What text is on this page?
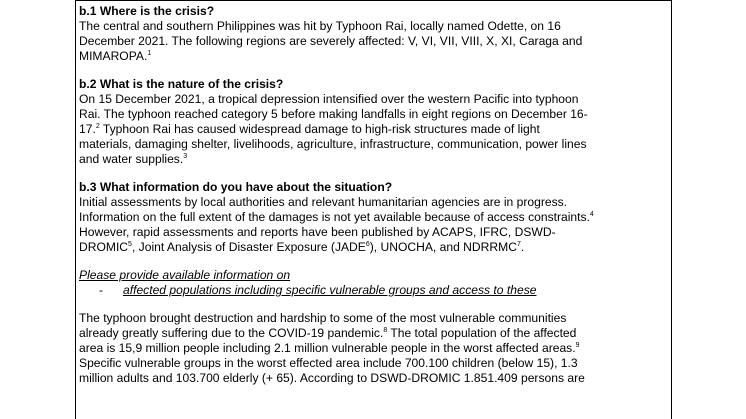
b.1 Where is the crisis?

The central and southern Philippines was hit by Typhoon Rai, locally named Odette, on 16
December 2021. The following regions are severely affected: V, VI, VII, VIII, X, XI, Caraga and
MIMAROPA.$^1$

b.2 What is the nature of the crisis?

On 15 December 2021, a tropical depression intensified over the western Pacific into typhoon
Rai. The typhoon reached category 5 before making landfalls in eight regions on December 16-
17.$^2$ Typhoon Rai has caused widespread damage to high-risk structures made of light
materials, damaging shelter, livelihoods, agriculture, infrastructure, communication, power lines
and water supplies.$^3$

b.3 What information do you have about the situation?

Initial assessments by local authorities and relevant humanitarian agencies are in progress.
Information on the full extent of the damages is not yet available because of access constraints.$^4$
However, rapid assessments and reports have been published by ACAPS, IFRC, DSWD-
DROMIC$^5$, Joint Analysis of Disaster Exposure (JADE$^6$), UNOCHA, and NDRRMC$^7$.
Please provide available information on
- affected populations including specific vulnerable groups and access to these
The typhoon brought destruction and hardship to some of the most vulnerable communities
already greatly suffering due to the COVID-19 pandemic.$^8$ The total population of the affected
area is 15,9 million people including 2.1 million vulnerable people in the worst affected areas.$^9$
Specific vulnerable groups in the worst effected area include 700.100 children (below 15), 1.3
million adults and 103.700 elderly (+ 65). According to DSWD-DROMIC 1.851.409 persons are
